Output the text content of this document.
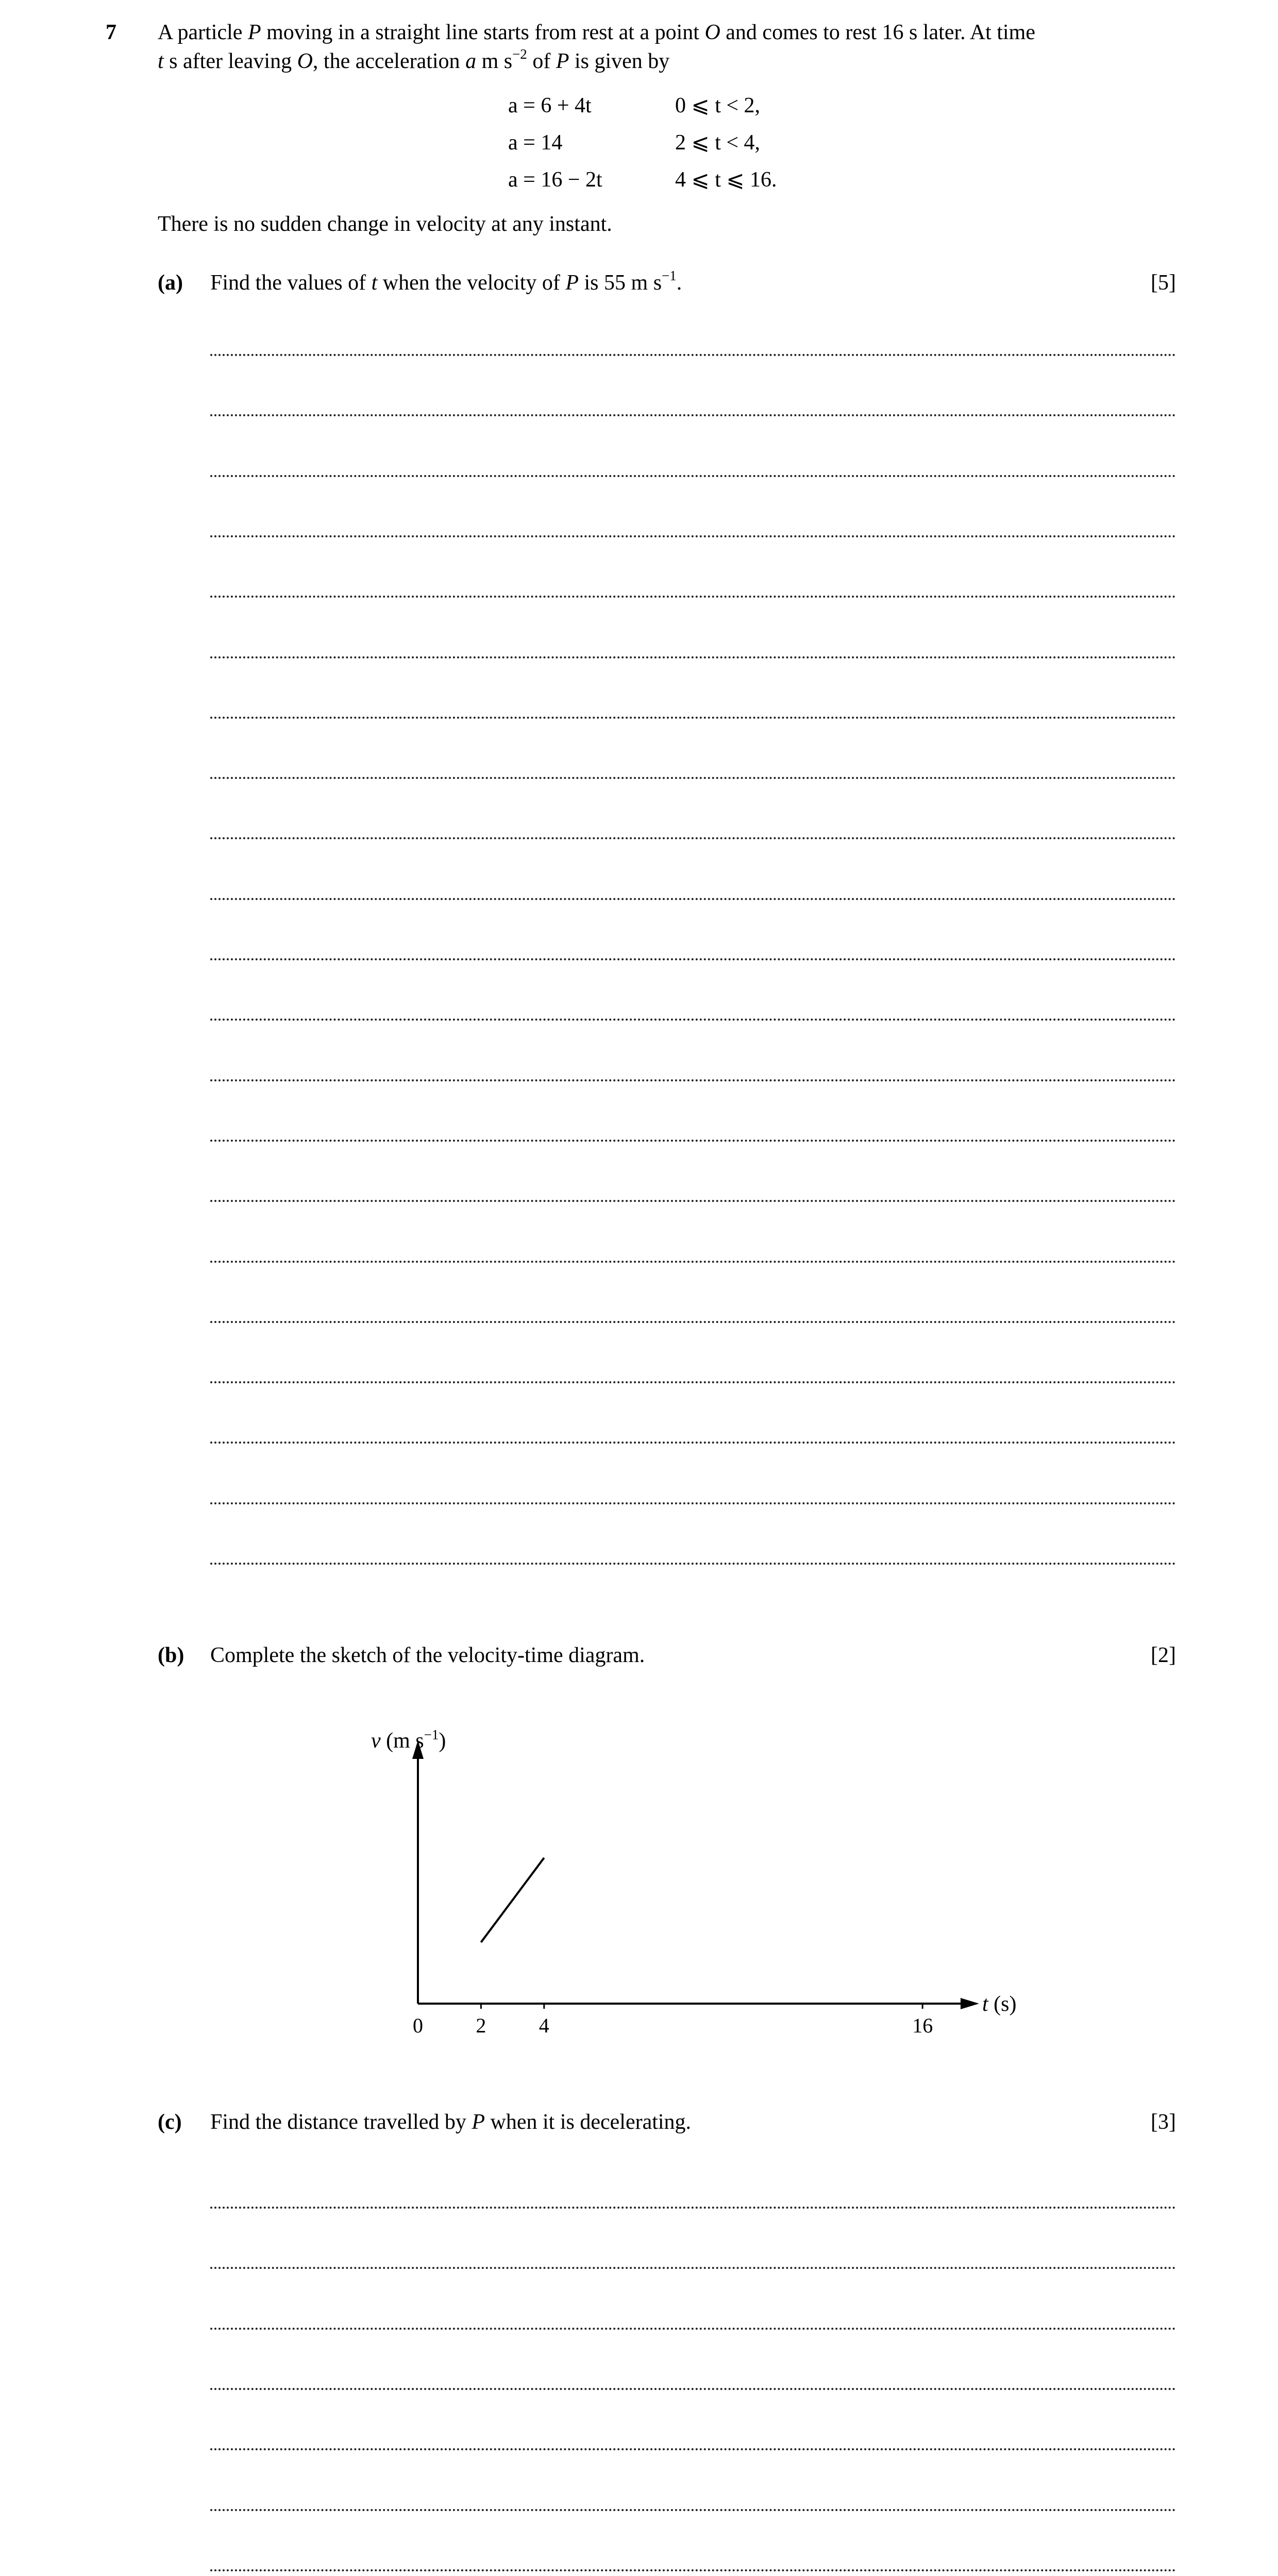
7 A particle P moving in a straight line starts from rest at a point O and comes to rest 16 s later. At time
t s after leaving O, the acceleration a m $s^{-2}$ of P is given by
a = 6 + 4t	0 ⩽ t < 2,
a = 14	2 ⩽ t < 4,
a = 16 − 2t	4 ⩽ t ⩽ 16.
There is no sudden change in velocity at any instant.
(a) Find the values of t when the velocity of P is 55 m $s^{-1}$.	[5]
(b) Complete the sketch of the velocity-time diagram.	[2]
v (m $s^{-1}$)
t (s)
0	2	4	16
(c) Find the distance travelled by P when it is decelerating.	[3]
